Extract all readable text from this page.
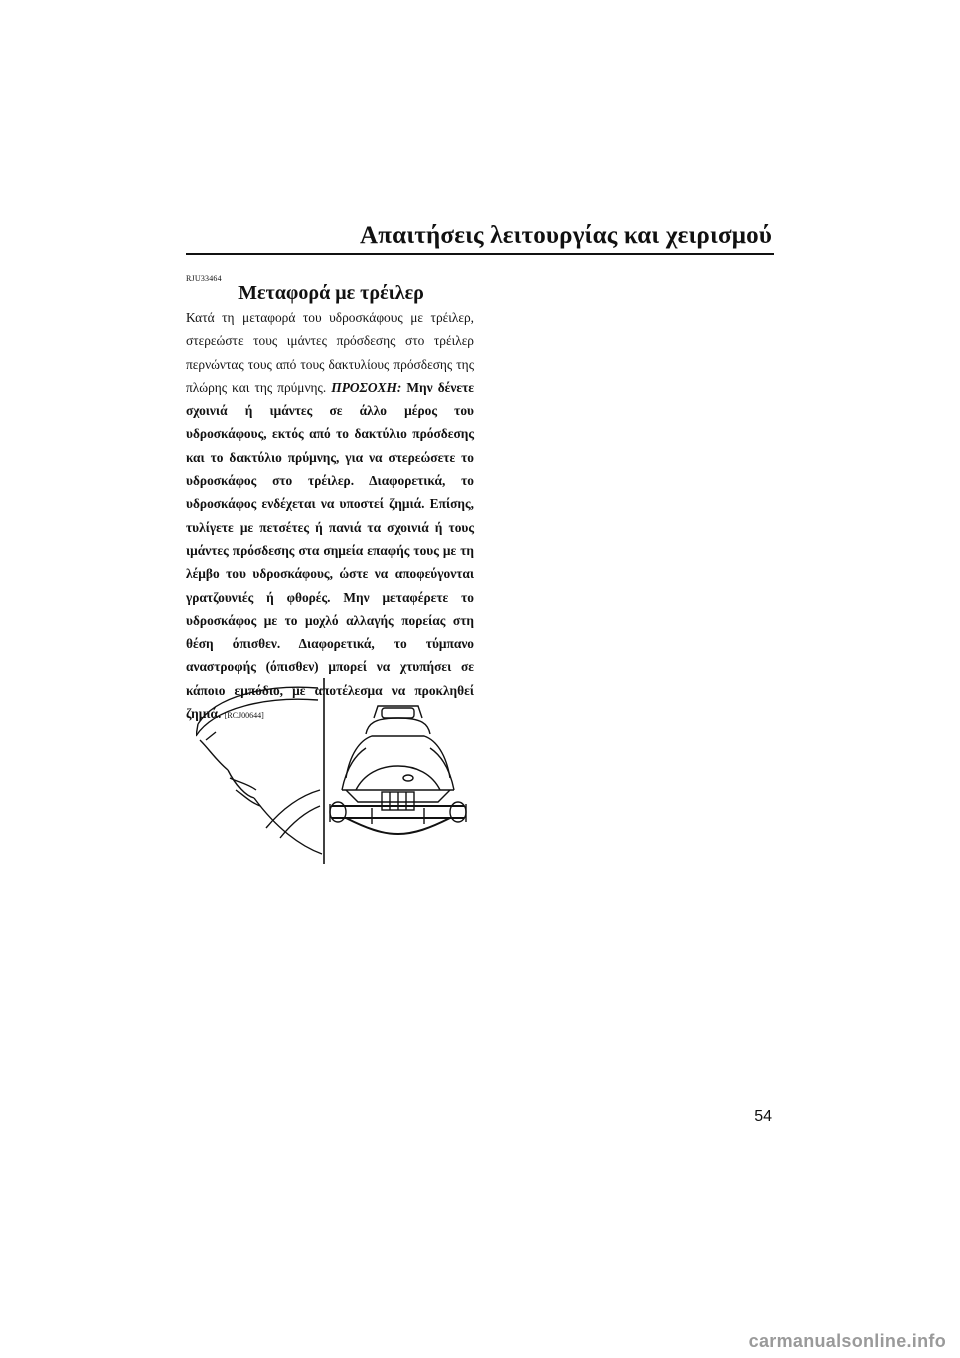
Απαιτήσεις λειτουργίας και χειρισμού
RJU33464
Μεταφορά με τρέιλερ

Κατά τη μεταφορά του υδροσκάφους με τρέιλερ, στερεώστε τους ιμάντες πρόσδεσης στο τρέιλερ περνώντας τους από τους δακτυλίους πρόσδεσης της πλώρης και της πρύμνης. ΠΡΟΣΟΧΗ: Μην δένετε σχοινιά ή ιμάντες σε άλλο μέρος του υδροσκάφους, εκτός από το δακτύλιο πρόσδεσης και το δακτύλιο πρύμνης, για να στερεώσετε το υδροσκάφος στο τρέιλερ. Διαφορετικά, το υδροσκάφος ενδέχεται να υποστεί ζημιά. Επίσης, τυλίγετε με πετσέτες ή πανιά τα σχοινιά ή τους ιμάντες πρόσδεσης στα σημεία επαφής τους με τη λέμβο του υδροσκάφους, ώστε να αποφεύγονται γρατζουνιές ή φθορές. Μην μεταφέρετε το υδροσκάφος με το μοχλό αλλαγής πορείας στη θέση όπισθεν. Διαφορετικά, το τύμπανο αναστροφής (όπισθεν) μπορεί να χτυπήσει σε κάποιο εμπόδιο, με αποτέλεσμα να προκληθεί ζημιά. [RCJ00644]

54
carmanualsonline.info
